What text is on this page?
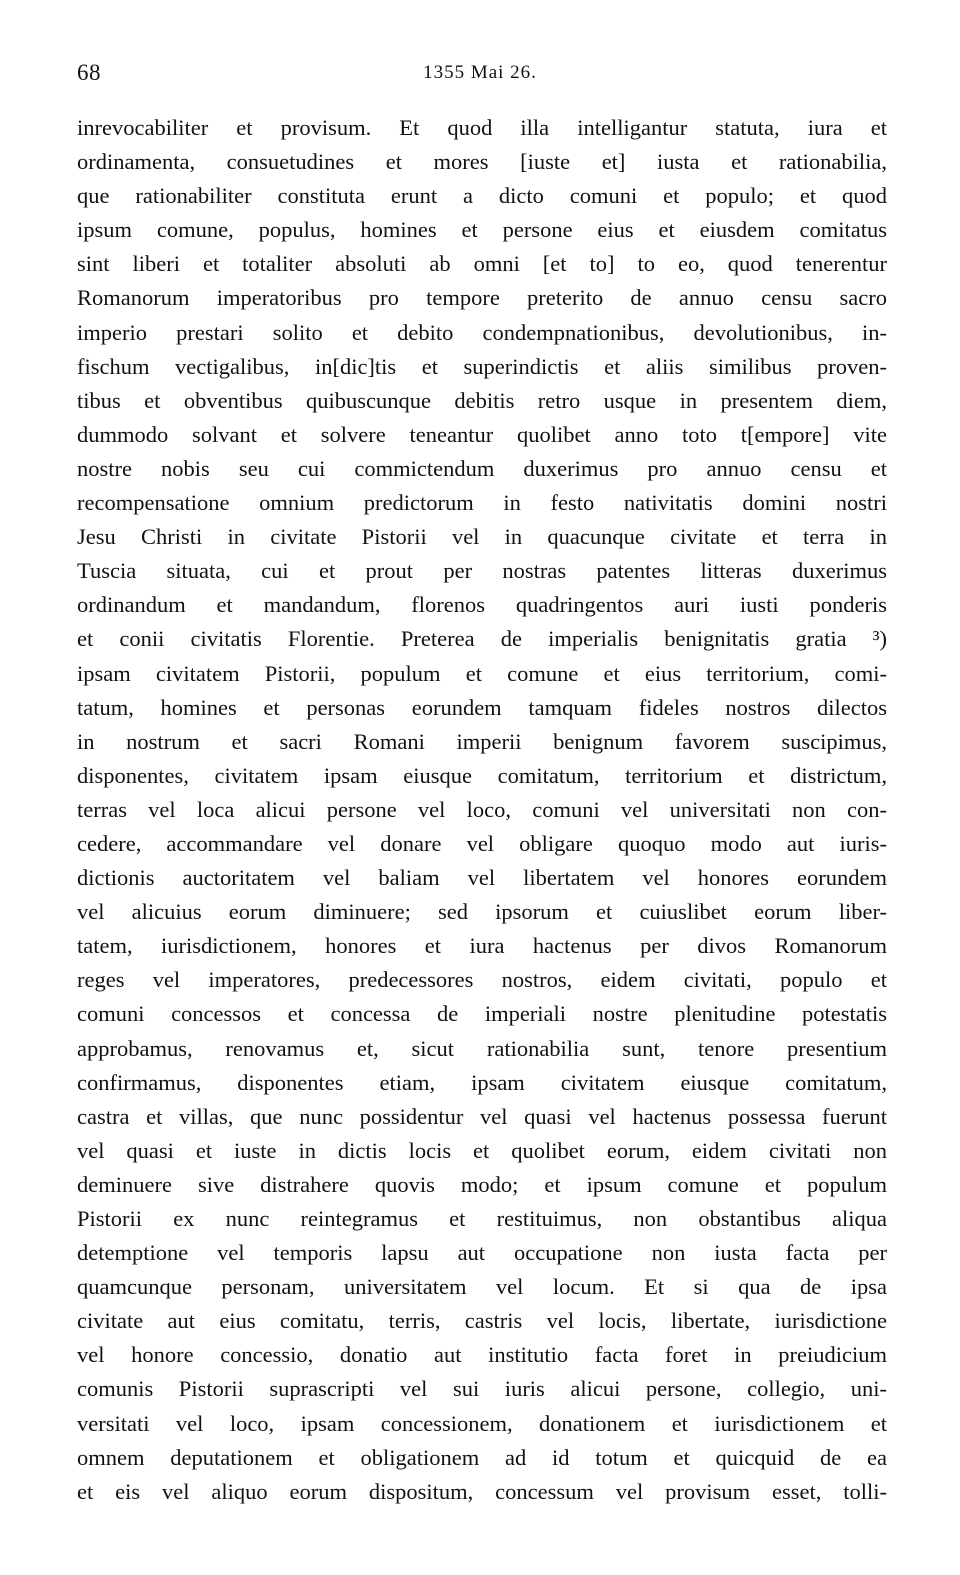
68	1355 Mai 26.
inrevocabiliter et provisum. Et quod illa intelligantur statuta, iura et
ordinamenta, consuetudines et mores [iuste et] iusta et rationabilia,
que rationabiliter constituta erunt a dicto comuni et populo; et quod
ipsum comune, populus, homines et persone eius et eiusdem comitatus
sint liberi et totaliter absoluti ab omni [et to] to eo, quod tenerentur
Romanorum imperatoribus pro tempore preterito de annuo censu sacro
imperio prestari solito et debito condempnationibus, devolutionibus, in-
fischum vectigalibus, in[dic]tis et superindictis et aliis similibus proven-
tibus et obventibus quibuscunque debitis retro usque in presentem diem,
dummodo solvant et solvere teneantur quolibet anno toto t[empore] vite
nostre nobis seu cui commictendum duxerimus pro annuo censu et
recompensatione omnium predictorum in festo nativitatis domini nostri
Jesu Christi in civitate Pistorii vel in quacunque civitate et terra in
Tuscia situata, cui et prout per nostras patentes litteras duxerimus
ordinandum et mandandum, florenos quadringentos auri iusti ponderis
et conii civitatis Florentie. Preterea de imperialis benignitatis gratia ³)
ipsam civitatem Pistorii, populum et comune et eius territorium, comi-
tatum, homines et personas eorundem tamquam fideles nostros dilectos
in nostrum et sacri Romani imperii benignum favorem suscipimus,
disponentes, civitatem ipsam eiusque comitatum, territorium et districtum,
terras vel loca alicui persone vel loco, comuni vel universitati non con-
cedere, accommandare vel donare vel obligare quoquo modo aut iuris-
dictionis auctoritatem vel baliam vel libertatem vel honores eorundem
vel alicuius eorum diminuere; sed ipsorum et cuiuslibet eorum liber-
tatem, iurisdictionem, honores et iura hactenus per divos Romanorum
reges vel imperatores, predecessores nostros, eidem civitati, populo et
comuni concessos et concessa de imperiali nostre plenitudine potestatis
approbamus, renovamus et, sicut rationabilia sunt, tenore presentium
confirmamus, disponentes etiam, ipsam civitatem eiusque comitatum,
castra et villas, que nunc possidentur vel quasi vel hactenus possessa fuerunt
vel quasi et iuste in dictis locis et quolibet eorum, eidem civitati non
deminuere sive distrahere quovis modo; et ipsum comune et populum
Pistorii ex nunc reintegramus et restituimus, non obstantibus aliqua
detemptione vel temporis lapsu aut occupatione non iusta facta per
quamcunque personam, universitatem vel locum. Et si qua de ipsa
civitate aut eius comitatu, terris, castris vel locis, libertate, iurisdictione
vel honore concessio, donatio aut institutio facta foret in preiudicium
comunis Pistorii suprascripti vel sui iuris alicui persone, collegio, uni-
versitati vel loco, ipsam concessionem, donationem et iurisdictionem et
omnem deputationem et obligationem ad id totum et quicquid de ea
et eis vel aliquo eorum dispositum, concessum vel provisum esset, tolli-
